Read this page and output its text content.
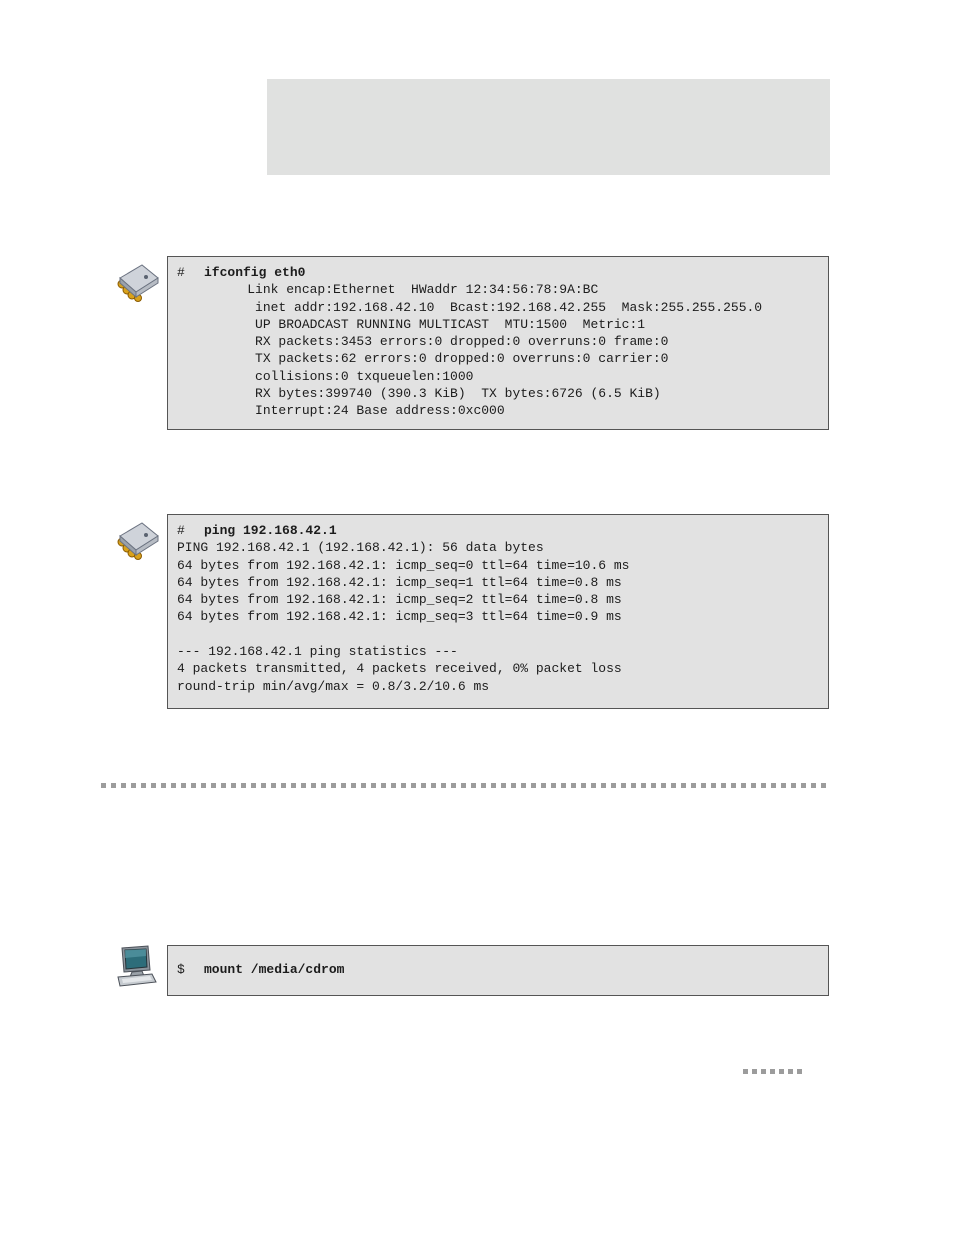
# ifconfig eth0
Link encap:Ethernet  HWaddr 12:34:56:78:9A:BC
inet addr:192.168.42.10  Bcast:192.168.42.255  Mask:255.255.255.0
UP BROADCAST RUNNING MULTICAST  MTU:1500  Metric:1
RX packets:3453 errors:0 dropped:0 overruns:0 frame:0
TX packets:62 errors:0 dropped:0 overruns:0 carrier:0
collisions:0 txqueuelen:1000
RX bytes:399740 (390.3 KiB)  TX bytes:6726 (6.5 KiB)
Interrupt:24 Base address:0xc000
# ping 192.168.42.1
PING 192.168.42.1 (192.168.42.1): 56 data bytes
64 bytes from 192.168.42.1: icmp_seq=0 ttl=64 time=10.6 ms
64 bytes from 192.168.42.1: icmp_seq=1 ttl=64 time=0.8 ms
64 bytes from 192.168.42.1: icmp_seq=2 ttl=64 time=0.8 ms
64 bytes from 192.168.42.1: icmp_seq=3 ttl=64 time=0.9 ms
--- 192.168.42.1 ping statistics ---
4 packets transmitted, 4 packets received, 0% packet loss
round-trip min/avg/max = 0.8/3.2/10.6 ms
$ mount /media/cdrom
